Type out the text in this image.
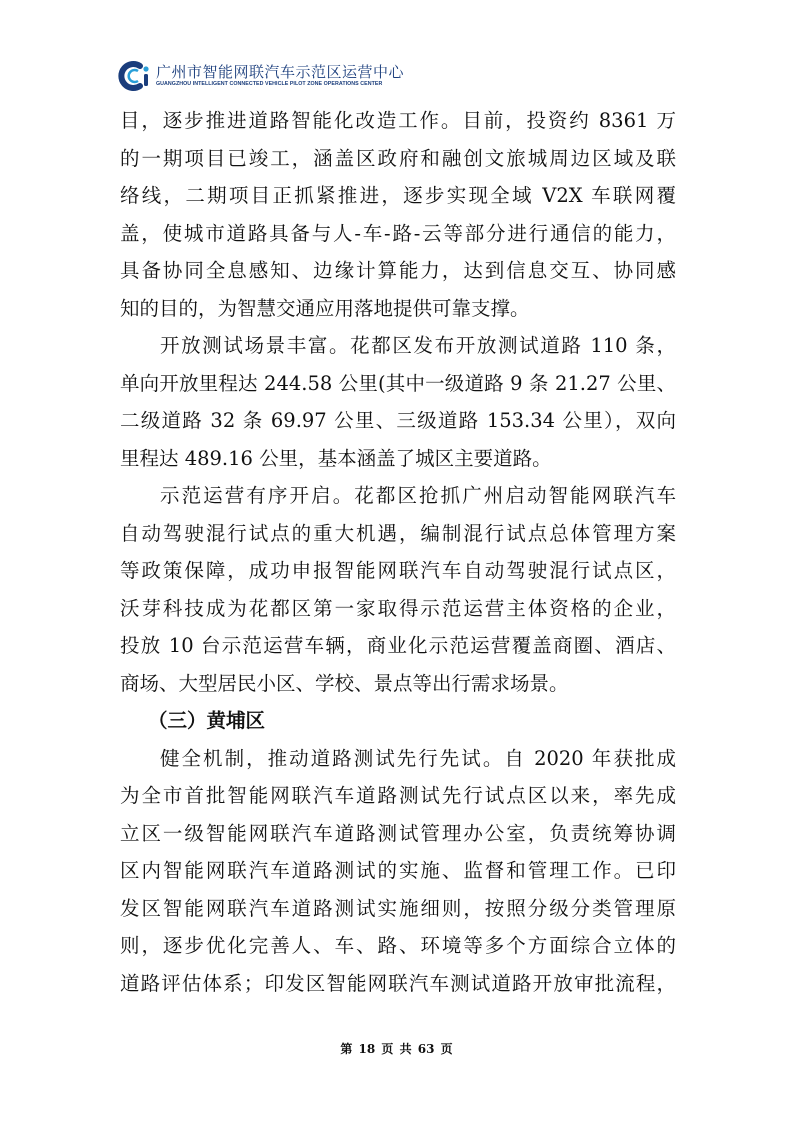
广州市智能网联汽车示范区运营中心
GUANGZHOU INTELLIGENT CONNECTED VEHICLE PILOT ZONE OPERATIONS CENTER
目，逐步推进道路智能化改造工作。目前，投资约 8361 万
的一期项目已竣工，涵盖区政府和融创文旅城周边区域及联
络线，二期项目正抓紧推进，逐步实现全域 V2X 车联网覆
盖，使城市道路具备与人-车-路-云等部分进行通信的能力，
具备协同全息感知、边缘计算能力，达到信息交互、协同感
知的目的，为智慧交通应用落地提供可靠支撑。
开放测试场景丰富。花都区发布开放测试道路 110 条，
单向开放里程达 244.58 公里(其中一级道路 9 条 21.27 公里、
二级道路 32 条 69.97 公里、三级道路 153.34 公里），双向
里程达 489.16 公里，基本涵盖了城区主要道路。
示范运营有序开启。花都区抢抓广州启动智能网联汽车
自动驾驶混行试点的重大机遇，编制混行试点总体管理方案
等政策保障，成功申报智能网联汽车自动驾驶混行试点区，
沃芽科技成为花都区第一家取得示范运营主体资格的企业，
投放 10 台示范运营车辆，商业化示范运营覆盖商圈、酒店、
商场、大型居民小区、学校、景点等出行需求场景。
（三）黄埔区
健全机制，推动道路测试先行先试。自 2020 年获批成
为全市首批智能网联汽车道路测试先行试点区以来，率先成
立区一级智能网联汽车道路测试管理办公室，负责统筹协调
区内智能网联汽车道路测试的实施、监督和管理工作。已印
发区智能网联汽车道路测试实施细则，按照分级分类管理原
则，逐步优化完善人、车、路、环境等多个方面综合立体的
道路评估体系；印发区智能网联汽车测试道路开放审批流程，
第 18 页 共 63 页
